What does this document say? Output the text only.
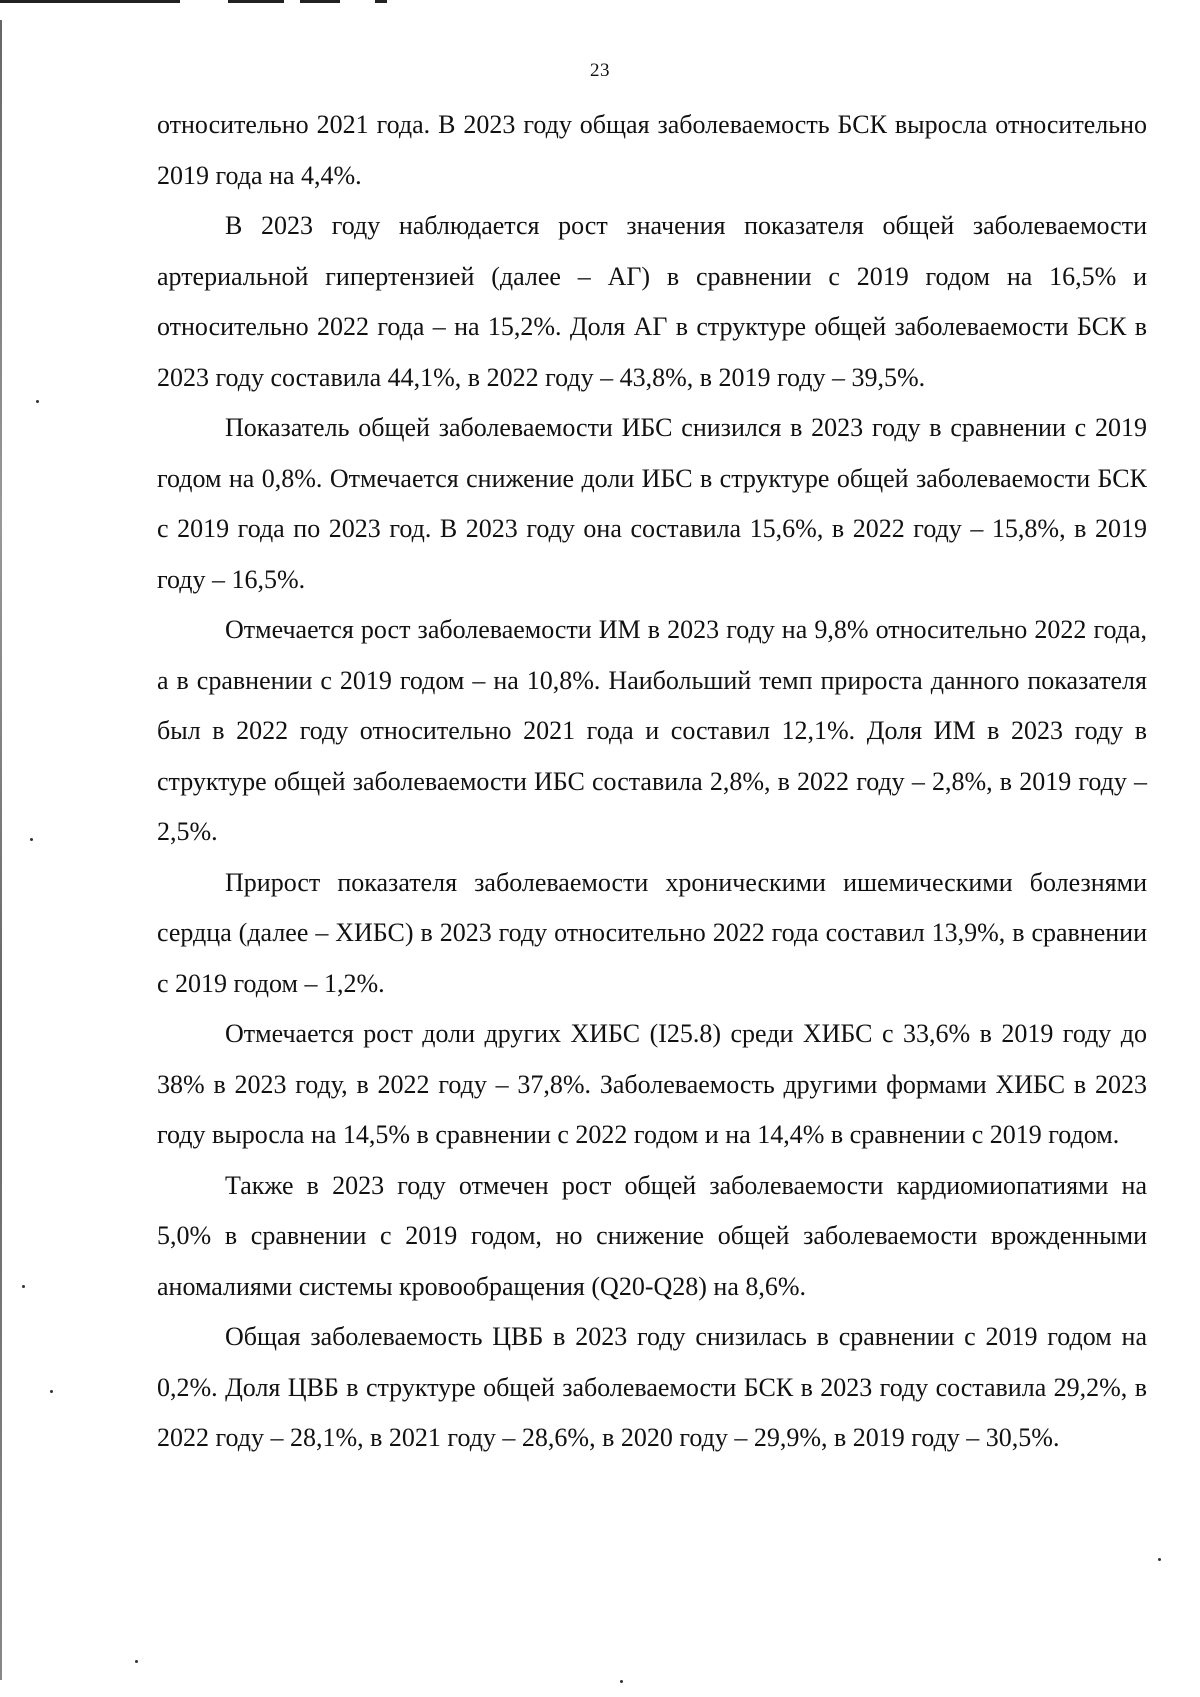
23

относительно 2021 года. В 2023 году общая заболеваемость БСК выросла относительно 2019 года на 4,4%.

В 2023 году наблюдается рост значения показателя общей заболеваемости артериальной гипертензией (далее – АГ) в сравнении с 2019 годом на 16,5% и относительно 2022 года – на 15,2%. Доля АГ в структуре общей заболеваемости БСК в 2023 году составила 44,1%, в 2022 году – 43,8%, в 2019 году – 39,5%.

Показатель общей заболеваемости ИБС снизился в 2023 году в сравнении с 2019 годом на 0,8%. Отмечается снижение доли ИБС в структуре общей заболеваемости БСК с 2019 года по 2023 год. В 2023 году она составила 15,6%, в 2022 году – 15,8%, в 2019 году – 16,5%.

Отмечается рост заболеваемости ИМ в 2023 году на 9,8% относительно 2022 года, а в сравнении с 2019 годом – на 10,8%. Наибольший темп прироста данного показателя был в 2022 году относительно 2021 года и составил 12,1%. Доля ИМ в 2023 году в структуре общей заболеваемости ИБС составила 2,8%, в 2022 году – 2,8%, в 2019 году – 2,5%.

Прирост показателя заболеваемости хроническими ишемическими болезнями сердца (далее – ХИБС) в 2023 году относительно 2022 года составил 13,9%, в сравнении с 2019 годом – 1,2%.

Отмечается рост доли других ХИБС (I25.8) среди ХИБС с 33,6% в 2019 году до 38% в 2023 году, в 2022 году – 37,8%. Заболеваемость другими формами ХИБС в 2023 году выросла на 14,5% в сравнении с 2022 годом и на 14,4% в сравнении с 2019 годом.

Также в 2023 году отмечен рост общей заболеваемости кардиомиопатиями на 5,0% в сравнении с 2019 годом, но снижение общей заболеваемости врожденными аномалиями системы кровообращения (Q20-Q28) на 8,6%.

Общая заболеваемость ЦВБ в 2023 году снизилась в сравнении с 2019 годом на 0,2%. Доля ЦВБ в структуре общей заболеваемости БСК в 2023 году составила 29,2%, в 2022 году – 28,1%, в 2021 году – 28,6%, в 2020 году – 29,9%, в 2019 году – 30,5%.
